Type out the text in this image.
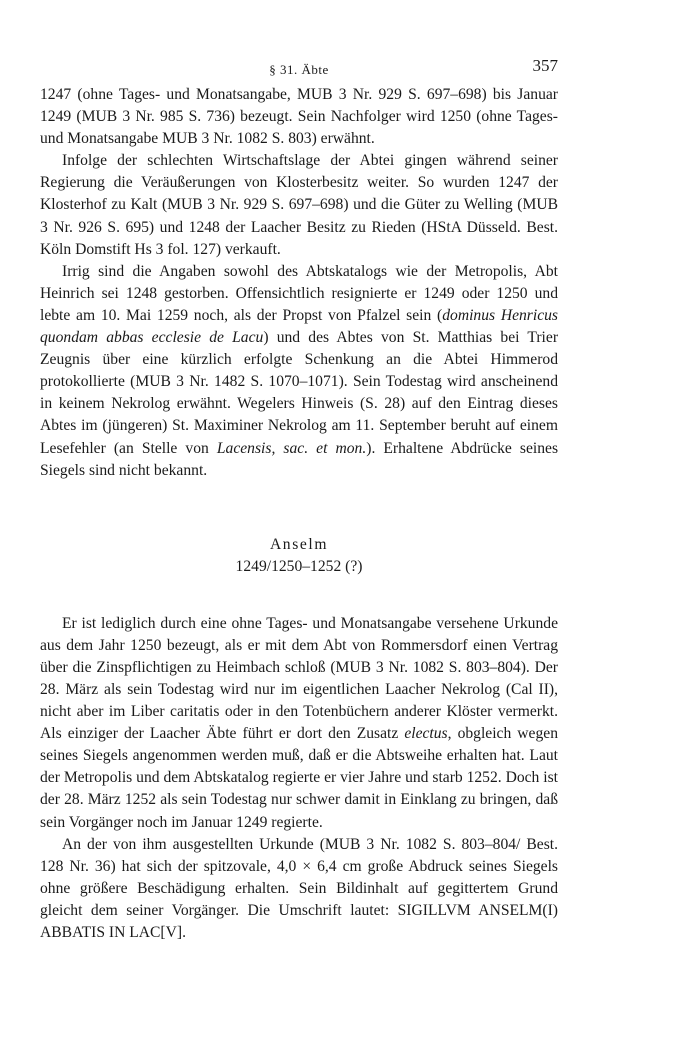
§ 31. Äbte	357

1247 (ohne Tages- und Monatsangabe, MUB 3 Nr. 929 S. 697–698) bis Januar 1249 (MUB 3 Nr. 985 S. 736) bezeugt. Sein Nachfolger wird 1250 (ohne Tages- und Monatsangabe MUB 3 Nr. 1082 S. 803) erwähnt.

Infolge der schlechten Wirtschaftslage der Abtei gingen während seiner Regierung die Veräußerungen von Klosterbesitz weiter. So wurden 1247 der Klosterhof zu Kalt (MUB 3 Nr. 929 S. 697–698) und die Güter zu Welling (MUB 3 Nr. 926 S. 695) und 1248 der Laacher Besitz zu Rieden (HStA Düsseld. Best. Köln Domstift Hs 3 fol. 127) verkauft.

Irrig sind die Angaben sowohl des Abtskatalogs wie der Metropolis, Abt Heinrich sei 1248 gestorben. Offensichtlich resignierte er 1249 oder 1250 und lebte am 10. Mai 1259 noch, als der Propst von Pfalzel sein (dominus Henricus quondam abbas ecclesie de Lacu) und des Abtes von St. Matthias bei Trier Zeugnis über eine kürzlich erfolgte Schenkung an die Abtei Himmerod protokollierte (MUB 3 Nr. 1482 S. 1070–1071). Sein Todestag wird anscheinend in keinem Nekrolog erwähnt. Wegelers Hinweis (S. 28) auf den Eintrag dieses Abtes im (jüngeren) St. Maximiner Nekrolog am 11. September beruht auf einem Lesefehler (an Stelle von Lacensis, sac. et mon.). Erhaltene Abdrücke seines Siegels sind nicht bekannt.

Anselm

1249/1250–1252 (?)

Er ist lediglich durch eine ohne Tages- und Monatsangabe versehene Urkunde aus dem Jahr 1250 bezeugt, als er mit dem Abt von Rommersdorf einen Vertrag über die Zinspflichtigen zu Heimbach schloß (MUB 3 Nr. 1082 S. 803–804). Der 28. März als sein Todestag wird nur im eigentlichen Laacher Nekrolog (Cal II), nicht aber im Liber caritatis oder in den Totenbüchern anderer Klöster vermerkt. Als einziger der Laacher Äbte führt er dort den Zusatz electus, obgleich wegen seines Siegels angenommen werden muß, daß er die Abtsweihe erhalten hat. Laut der Metropolis und dem Abtskatalog regierte er vier Jahre und starb 1252. Doch ist der 28. März 1252 als sein Todestag nur schwer damit in Einklang zu bringen, daß sein Vorgänger noch im Januar 1249 regierte.

An der von ihm ausgestellten Urkunde (MUB 3 Nr. 1082 S. 803–804/ Best. 128 Nr. 36) hat sich der spitzovale, 4,0 × 6,4 cm große Abdruck seines Siegels ohne größere Beschädigung erhalten. Sein Bildinhalt auf gegittertem Grund gleicht dem seiner Vorgänger. Die Umschrift lautet: SIGILLVM ANSELM(I) ABBATIS IN LAC[V].
